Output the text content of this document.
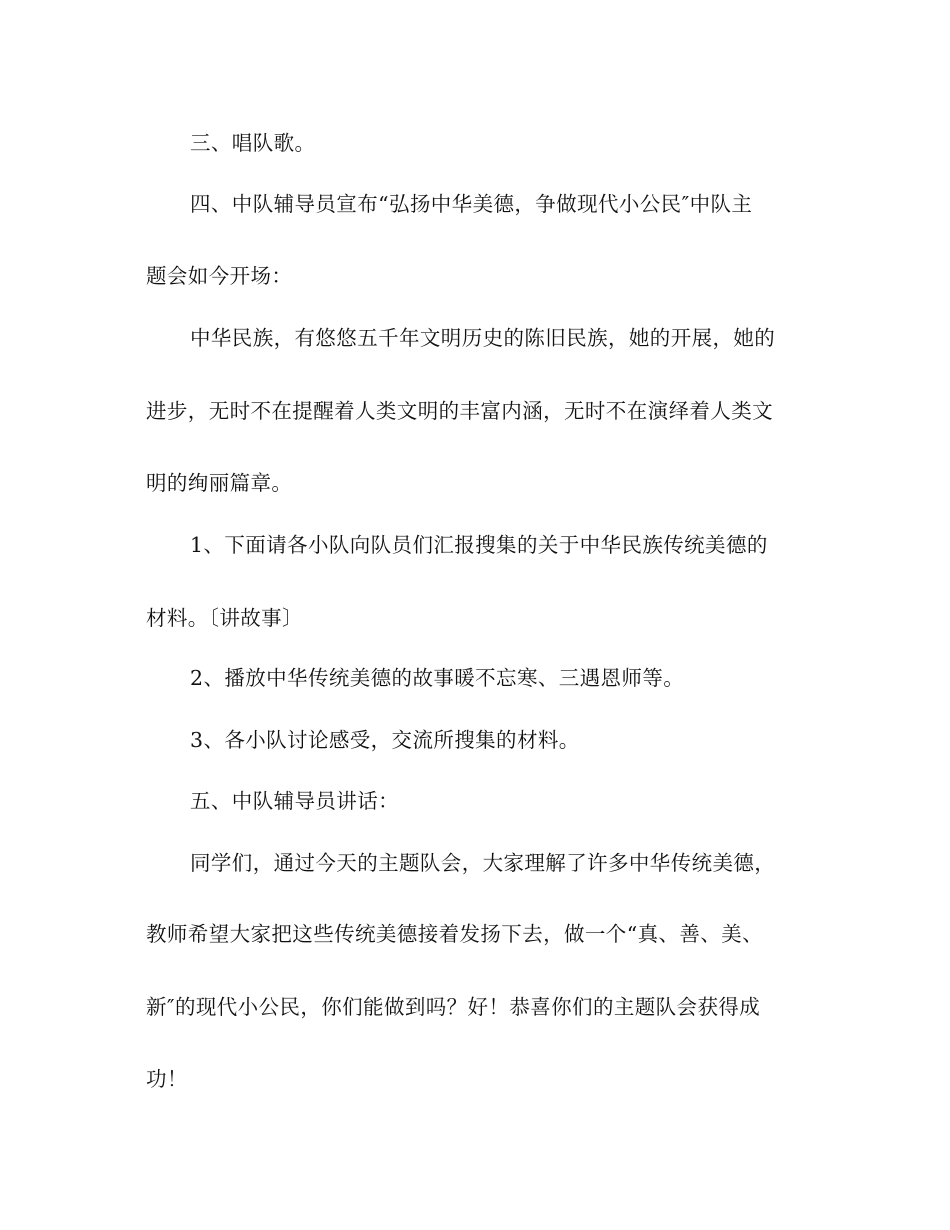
三、唱队歌。
四、中队辅导员宣布“弘扬中华美德，争做现代小公民″中队主
题会如今开场：
中华民族，有悠悠五千年文明历史的陈旧民族，她的开展，她的
进步，无时不在提醒着人类文明的丰富内涵，无时不在演绎着人类文
明的绚丽篇章。
1、下面请各小队向队员们汇报搜集的关于中华民族传统美德的
材料。〔讲故事〕
2、播放中华传统美德的故事暖不忘寒、三遇恩师等。
3、各小队讨论感受，交流所搜集的材料。
五、中队辅导员讲话：
同学们，通过今天的主题队会，大家理解了许多中华传统美德，
教师希望大家把这些传统美德接着发扬下去，做一个“真、善、美、
新″的现代小公民，你们能做到吗？好！恭喜你们的主题队会获得成
功！
